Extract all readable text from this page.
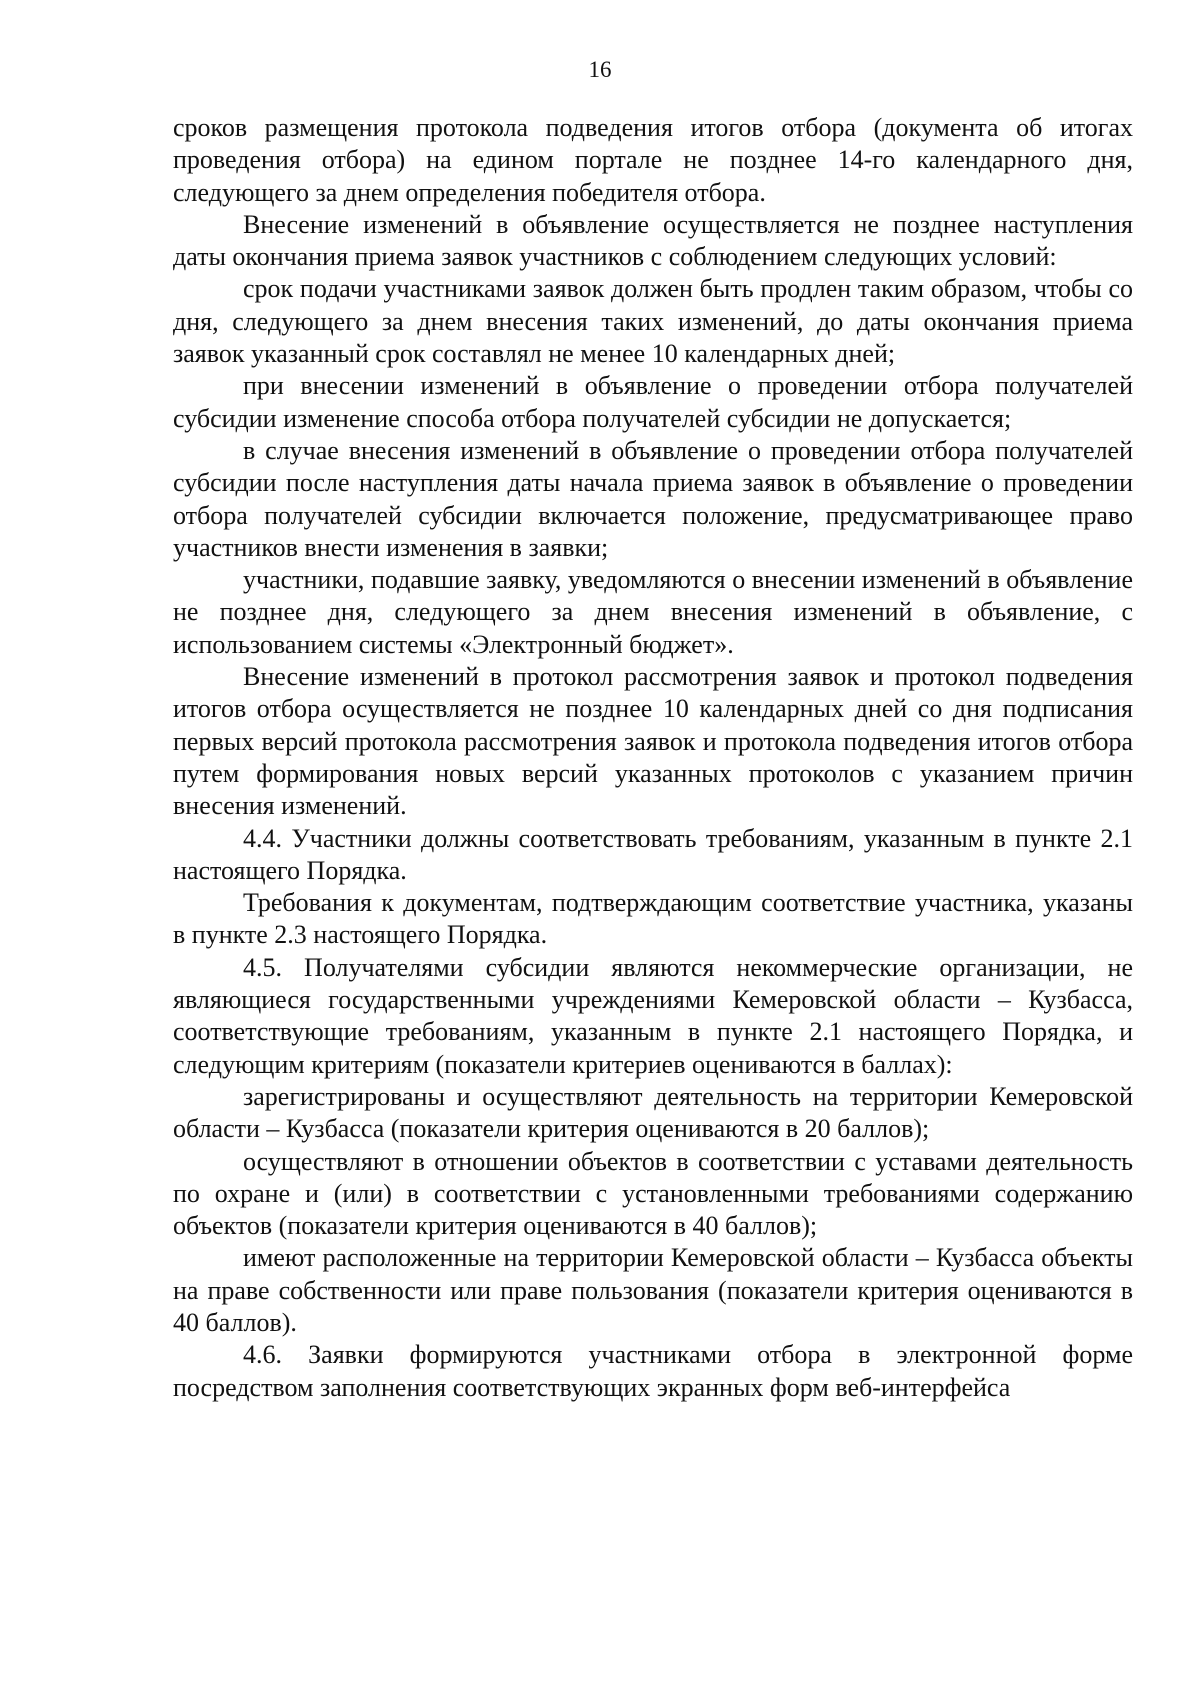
16

сроков размещения протокола подведения итогов отбора (документа об итогах проведения отбора) на едином портале не позднее 14-го календарного дня, следующего за днем определения победителя отбора.

Внесение изменений в объявление осуществляется не позднее наступления даты окончания приема заявок участников с соблюдением следующих условий:

срок подачи участниками заявок должен быть продлен таким образом, чтобы со дня, следующего за днем внесения таких изменений, до даты окончания приема заявок указанный срок составлял не менее 10 календарных дней;

при внесении изменений в объявление о проведении отбора получателей субсидии изменение способа отбора получателей субсидии не допускается;

в случае внесения изменений в объявление о проведении отбора получателей субсидии после наступления даты начала приема заявок в объявление о проведении отбора получателей субсидии включается положение, предусматривающее право участников внести изменения в заявки;

участники, подавшие заявку, уведомляются о внесении изменений в объявление не позднее дня, следующего за днем внесения изменений в объявление, с использованием системы «Электронный бюджет».

Внесение изменений в протокол рассмотрения заявок и протокол подведения итогов отбора осуществляется не позднее 10 календарных дней со дня подписания первых версий протокола рассмотрения заявок и протокола подведения итогов отбора путем формирования новых версий указанных протоколов с указанием причин внесения изменений.

4.4. Участники должны соответствовать требованиям, указанным в пункте 2.1 настоящего Порядка.

Требования к документам, подтверждающим соответствие участника, указаны в пункте 2.3 настоящего Порядка.

4.5. Получателями субсидии являются некоммерческие организации, не являющиеся государственными учреждениями Кемеровской области – Кузбасса, соответствующие требованиям, указанным в пункте 2.1 настоящего Порядка, и следующим критериям (показатели критериев оцениваются в баллах):

зарегистрированы и осуществляют деятельность на территории Кемеровской области – Кузбасса (показатели критерия оцениваются в 20 баллов);

осуществляют в отношении объектов в соответствии с уставами деятельность по охране и (или) в соответствии с установленными требованиями содержанию объектов (показатели критерия оцениваются в 40 баллов);

имеют расположенные на территории Кемеровской области – Кузбасса объекты на праве собственности или праве пользования (показатели критерия оцениваются в 40 баллов).

4.6. Заявки формируются участниками отбора в электронной форме посредством заполнения соответствующих экранных форм веб-интерфейса
